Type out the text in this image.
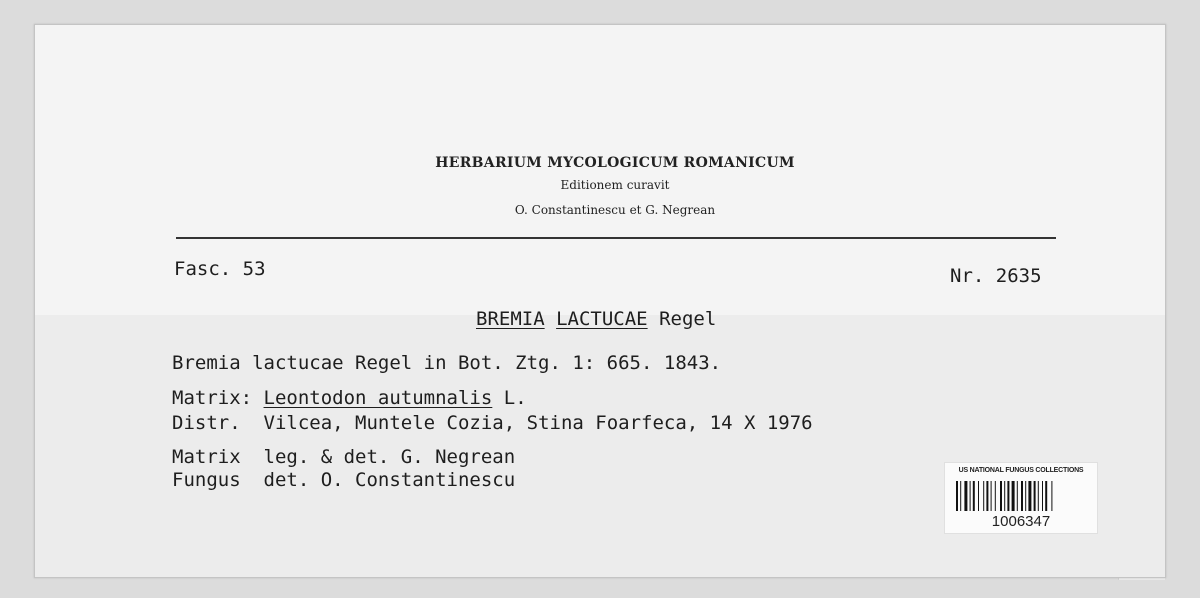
HERBARIUM MYCOLOGICUM ROMANICUM
Editionem curavit
O. Constantinescu et G. Negrean
Fasc. 53	Nr. 2635
BREMIA LACTUCAE Regel
Bremia lactucae Regel in Bot. Ztg. 1: 665. 1843.
Matrix: Leontodon autumnalis L.
Distr. Vilcea, Muntele Cozia, Stina Foarfeca, 14 X 1976
Matrix leg. & det. G. Negrean
Fungus det. O. Constantinescu	US NATIONAL FUNGUS COLLECTIONS
1006347
